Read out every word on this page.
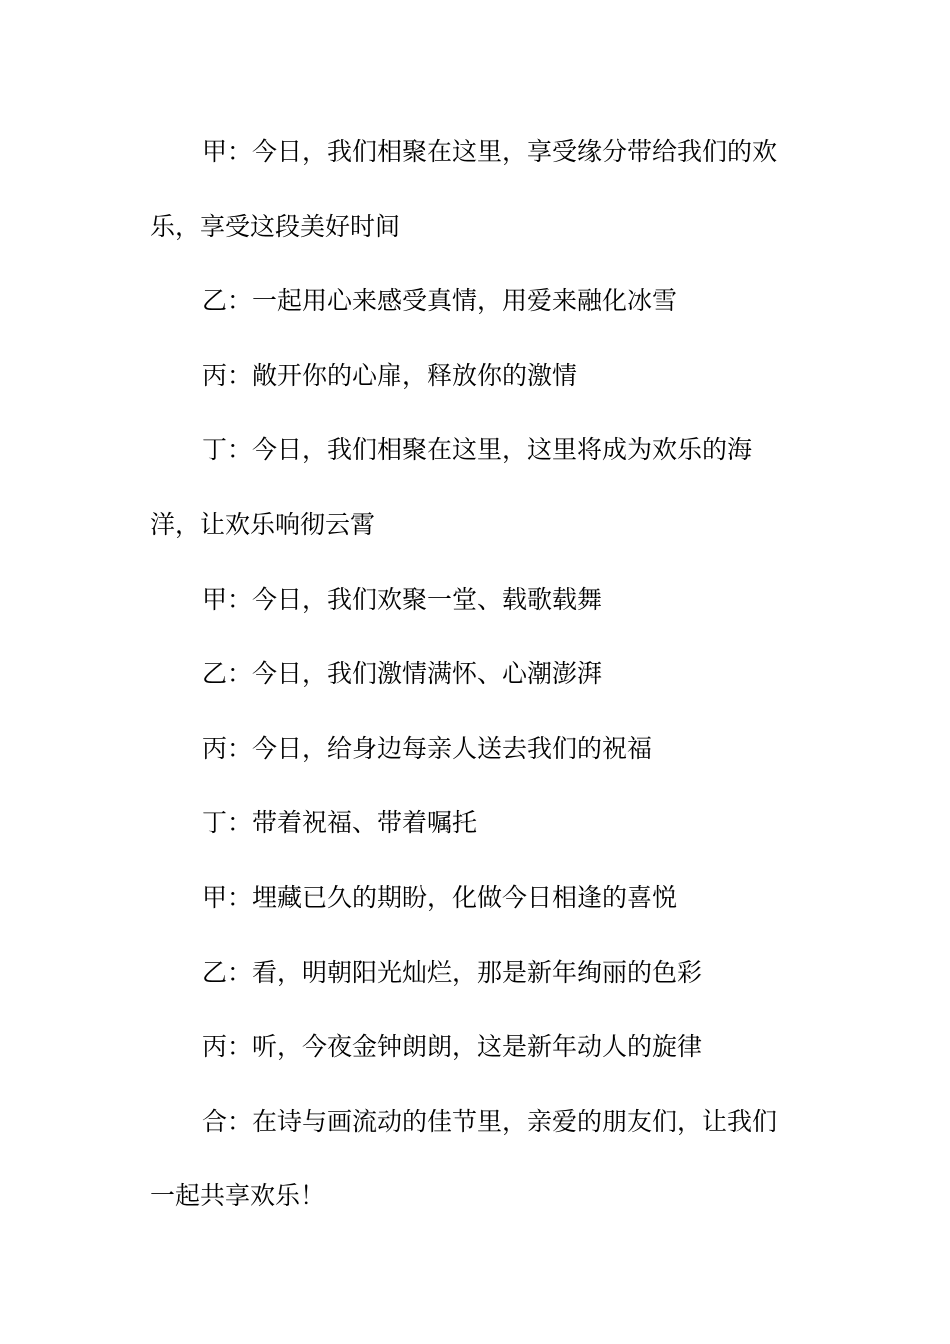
甲：今日，我们相聚在这里，享受缘分带给我们的欢

乐，享受这段美好时间

乙：一起用心来感受真情，用爱来融化冰雪

丙：敞开你的心扉，释放你的激情

丁：今日，我们相聚在这里，这里将成为欢乐的海

洋，让欢乐响彻云霄

甲：今日，我们欢聚一堂、载歌载舞

乙：今日，我们激情满怀、心潮澎湃

丙：今日，给身边每亲人送去我们的祝福

丁：带着祝福、带着嘱托

甲：埋藏已久的期盼，化做今日相逢的喜悦

乙：看，明朝阳光灿烂，那是新年绚丽的色彩

丙：听，今夜金钟朗朗，这是新年动人的旋律

合：在诗与画流动的佳节里，亲爱的朋友们，让我们

一起共享欢乐！
